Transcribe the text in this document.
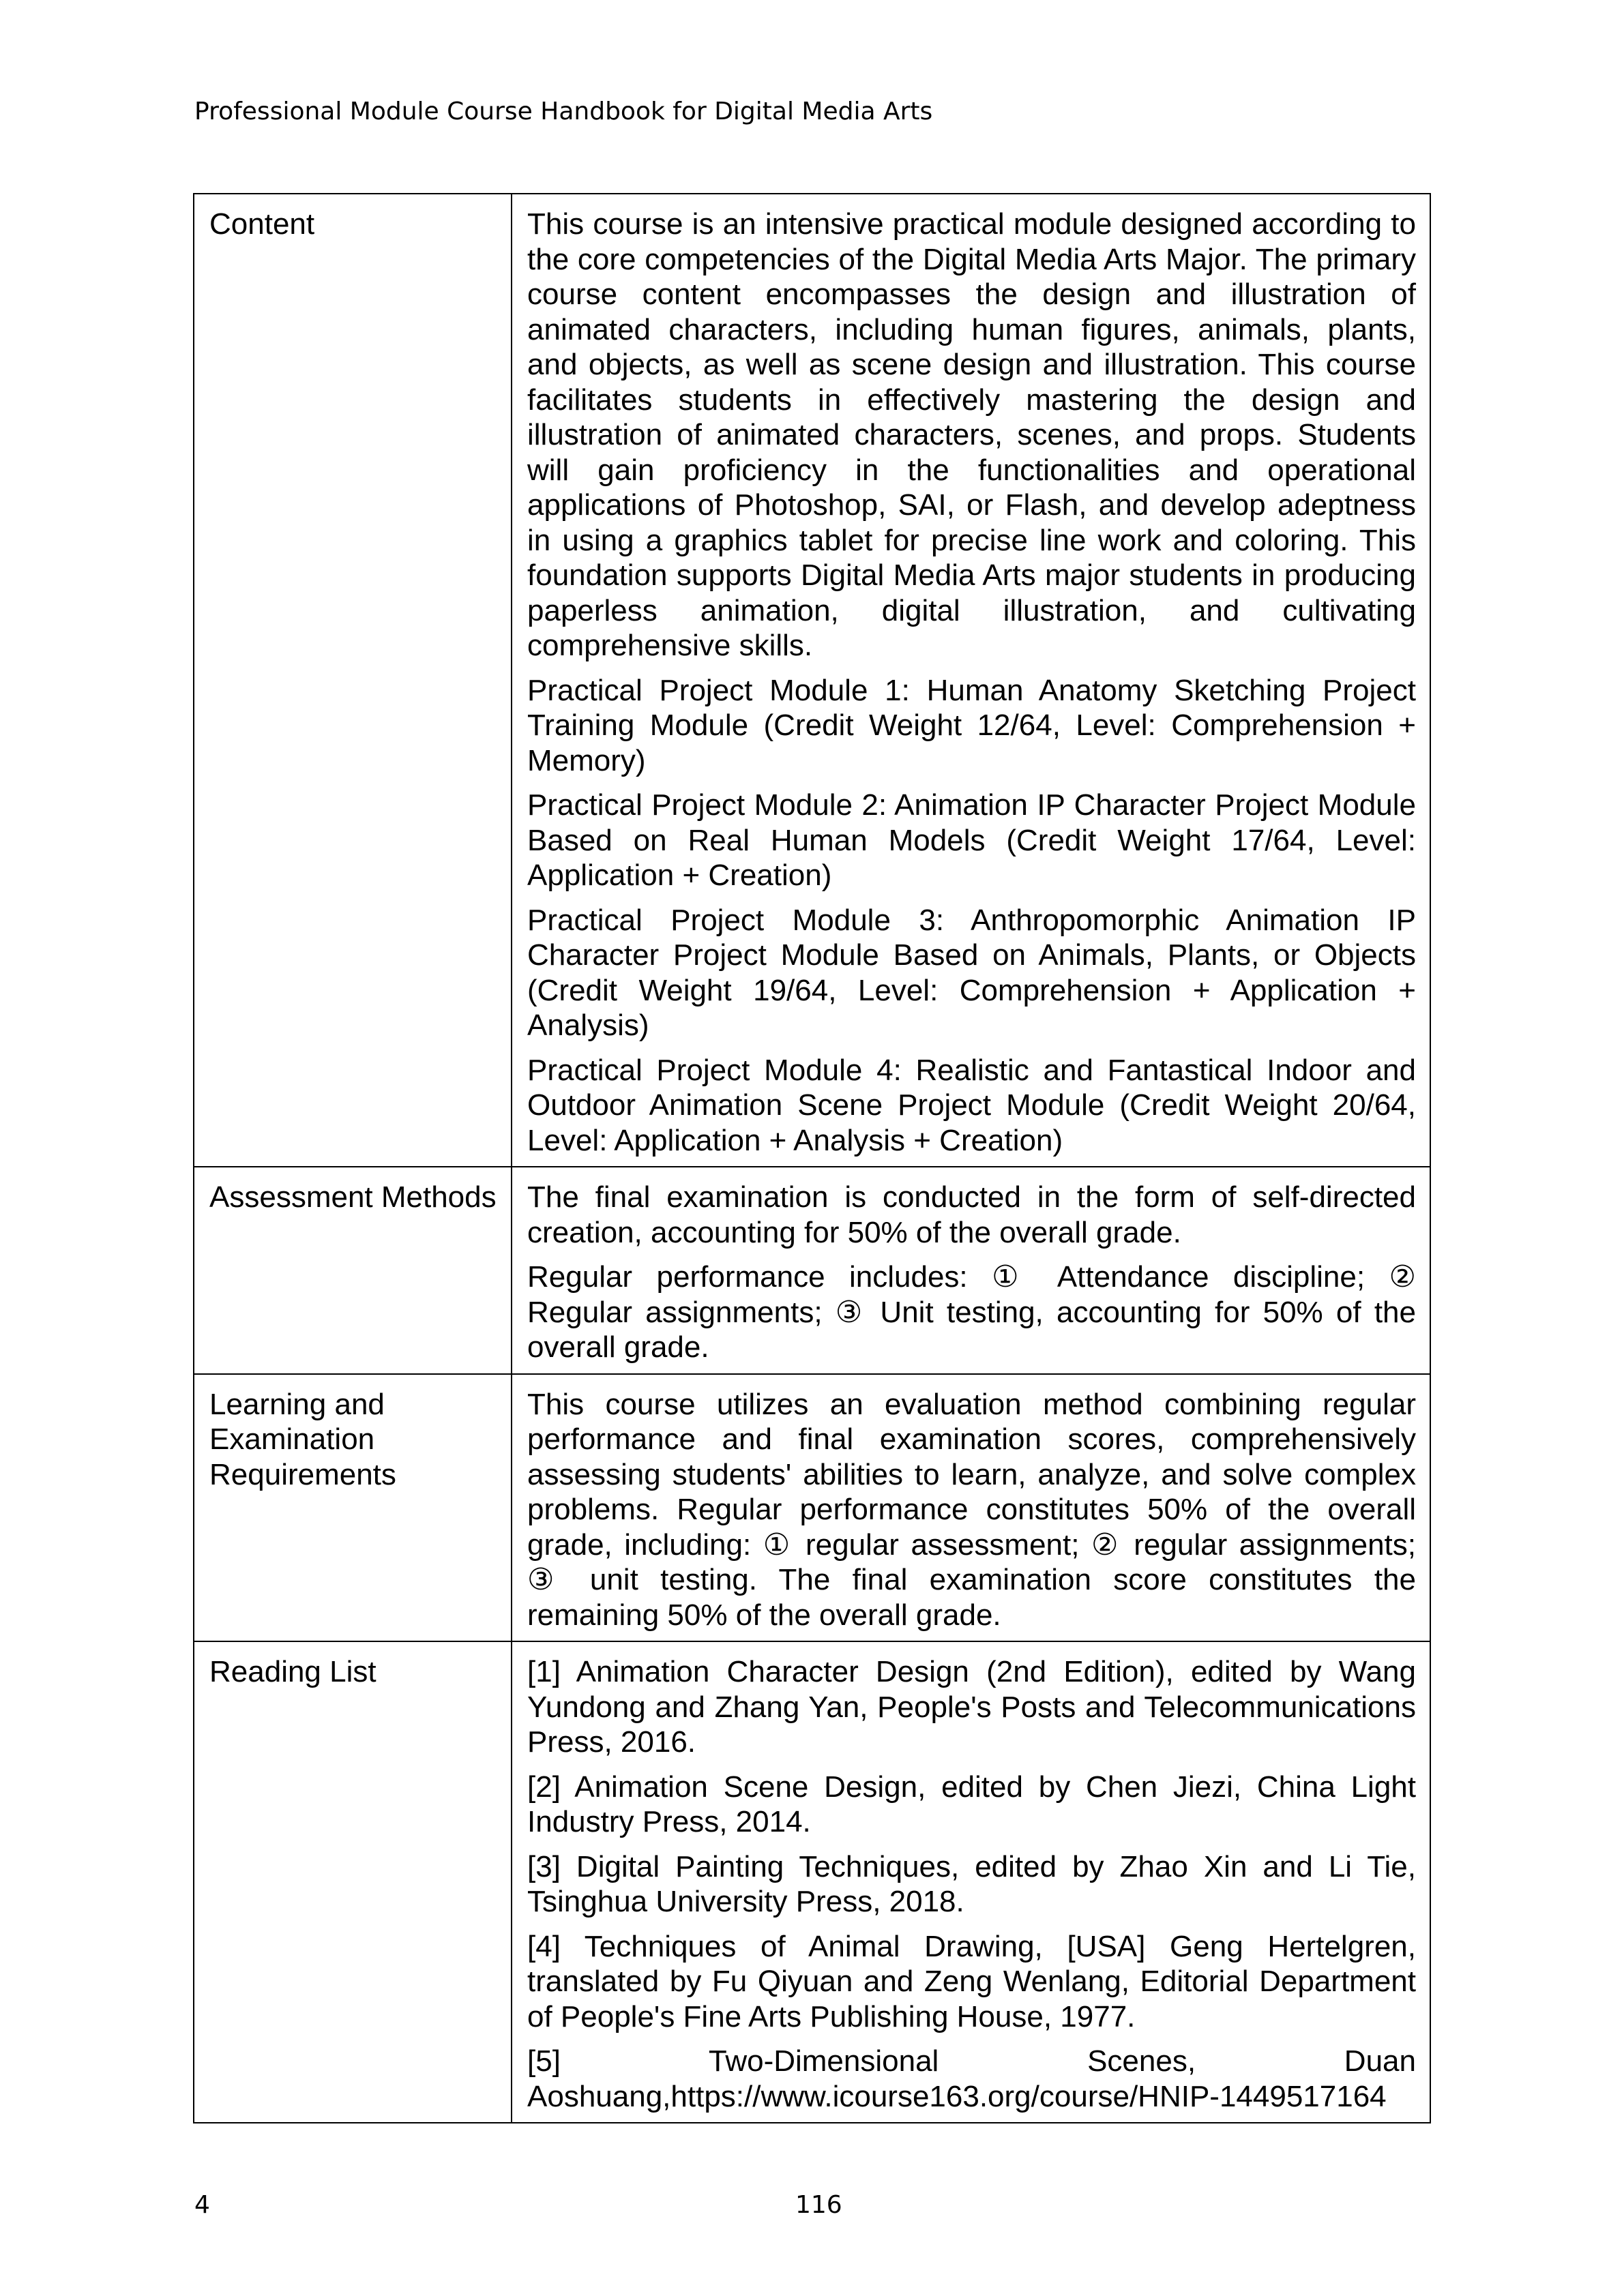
Professional Module Course Handbook for Digital Media Arts
Content	This course is an intensive practical module designed according to the core competencies of the Digital Media Arts Major. The primary course content encompasses the design and illustration of animated characters, including human figures, animals, plants, and objects, as well as scene design and illustration. This course facilitates students in effectively mastering the design and illustration of animated characters, scenes, and props. Students will gain proficiency in the functionalities and operational applications of Photoshop, SAI, or Flash, and develop adeptness in using a graphics tablet for precise line work and coloring. This foundation supports Digital Media Arts major students in producing paperless animation, digital illustration, and cultivating comprehensive skills.

Practical Project Module 1: Human Anatomy Sketching Project Training Module (Credit Weight 12/64, Level: Comprehension + Memory)

Practical Project Module 2: Animation IP Character Project Module Based on Real Human Models (Credit Weight 17/64, Level: Application + Creation)

Practical Project Module 3: Anthropomorphic Animation IP Character Project Module Based on Animals, Plants, or Objects (Credit Weight 19/64, Level: Comprehension + Application + Analysis)

Practical Project Module 4: Realistic and Fantastical Indoor and Outdoor Animation Scene Project Module (Credit Weight 20/64, Level: Application + Analysis + Creation)

Assessment Methods	The final examination is conducted in the form of self-directed creation, accounting for 50% of the overall grade.

Regular performance includes: ① Attendance discipline; ② Regular assignments; ③ Unit testing, accounting for 50% of the overall grade.

Learning and Examination Requirements	This course utilizes an evaluation method combining regular performance and final examination scores, comprehensively assessing students' abilities to learn, analyze, and solve complex problems. Regular performance constitutes 50% of the overall grade, including: ① regular assessment; ② regular assignments; ③ unit testing. The final examination score constitutes the remaining 50% of the overall grade.

Reading List	[1] Animation Character Design (2nd Edition), edited by Wang Yundong and Zhang Yan, People's Posts and Telecommunications Press, 2016.

[2] Animation Scene Design, edited by Chen Jiezi, China Light Industry Press, 2014.

[3] Digital Painting Techniques, edited by Zhao Xin and Li Tie, Tsinghua University Press, 2018.

[4] Techniques of Animal Drawing, [USA] Geng Hertelgren, translated by Fu Qiyuan and Zeng Wenlang, Editorial Department of People's Fine Arts Publishing House, 1977.

[5] Two-Dimensional Scenes, Duan Aoshuang,https://www.icourse163.org/course/HNIP-1449517164

4	116
